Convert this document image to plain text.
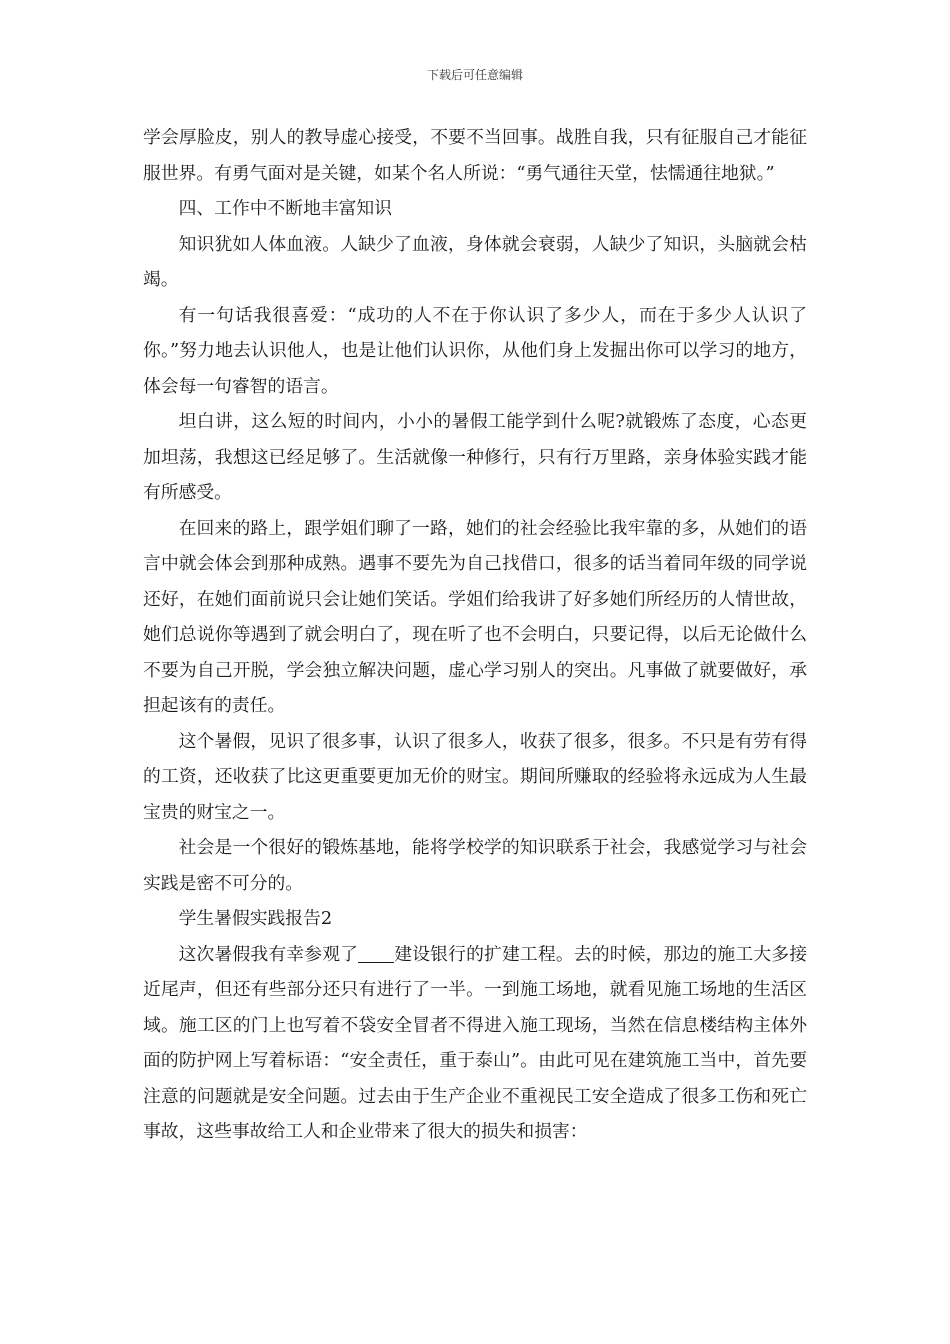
下载后可任意编辑

学会厚脸皮，别人的教导虚心接受，不要不当回事。战胜自我，只有征服自己才能征服世界。有勇气面对是关键，如某个名人所说：“勇气通往天堂，怯懦通往地狱。”

四、工作中不断地丰富知识

知识犹如人体血液。人缺少了血液，身体就会衰弱，人缺少了知识，头脑就会枯竭。

有一句话我很喜爱：“成功的人不在于你认识了多少人，而在于多少人认识了你。”努力地去认识他人，也是让他们认识你，从他们身上发掘出你可以学习的地方，体会每一句睿智的语言。

坦白讲，这么短的时间内，小小的暑假工能学到什么呢?就锻炼了态度，心态更加坦荡，我想这已经足够了。生活就像一种修行，只有行万里路，亲身体验实践才能有所感受。

在回来的路上，跟学姐们聊了一路，她们的社会经验比我牢靠的多，从她们的语言中就会体会到那种成熟。遇事不要先为自己找借口，很多的话当着同年级的同学说还好，在她们面前说只会让她们笑话。学姐们给我讲了好多她们所经历的人情世故，她们总说你等遇到了就会明白了，现在听了也不会明白，只要记得，以后无论做什么不要为自己开脱，学会独立解决问题，虚心学习别人的突出。凡事做了就要做好，承担起该有的责任。

这个暑假，见识了很多事，认识了很多人，收获了很多，很多。不只是有劳有得的工资，还收获了比这更重要更加无价的财宝。期间所赚取的经验将永远成为人生最宝贵的财宝之一。

社会是一个很好的锻炼基地，能将学校学的知识联系于社会，我感觉学习与社会实践是密不可分的。

学生暑假实践报告2

这次暑假我有幸参观了 建设银行的扩建工程。去的时候，那边的施工大多接近尾声，但还有些部分还只有进行了一半。一到施工场地，就看见施工场地的生活区域。施工区的门上也写着不袋安全冒者不得进入施工现场，当然在信息楼结构主体外面的防护网上写着标语：“安全责任，重于泰山”。由此可见在建筑施工当中，首先要注意的问题就是安全问题。过去由于生产企业不重视民工安全造成了很多工伤和死亡事故，这些事故给工人和企业带来了很大的损失和损害：
